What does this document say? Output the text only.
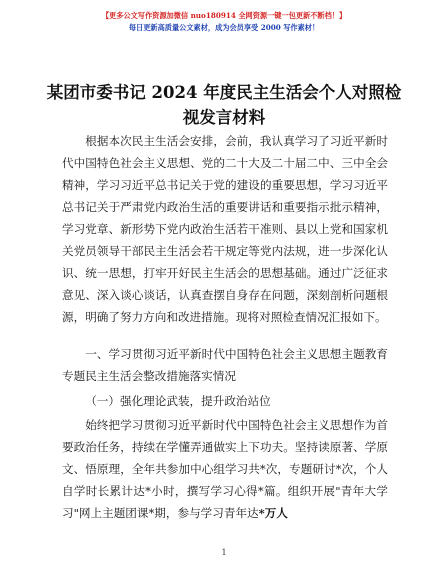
【更多公文写作资源加微信 nuo180914 全网资源一键一包更新不断档！】
每日更新高质量公文素材，成为会员享受 2000 写作素材！
某团市委书记 2024 年度民主生活会个人对照检视发言材料
根据本次民主生活会安排，会前，我认真学习了习近平新时代中国特色社会主义思想、党的二十大及二十届二中、三中全会精神，学习习近平总书记关于党的建设的重要思想，学习习近平总书记关于严肃党内政治生活的重要讲话和重要指示批示精神，学习党章、新形势下党内政治生活若干准则、县以上党和国家机关党员领导干部民主生活会若干规定等党内法规，进一步深化认识、统一思想，打牢开好民主生活会的思想基础。通过广泛征求意见、深入谈心谈话，认真查摆自身存在问题，深刻剖析问题根源，明确了努力方向和改进措施。现将对照检查情况汇报如下。
一、学习贯彻习近平新时代中国特色社会主义思想主题教育专题民主生活会整改措施落实情况
（一）强化理论武装，提升政治站位
始终把学习贯彻习近平新时代中国特色社会主义思想作为首要政治任务，持续在学懂弄通做实上下功夫。坚持读原著、学原文、悟原理，全年共参加中心组学习共*次，专题研讨*次，个人自学时长累计达*小时，撰写学习心得*篇。组织开展"青年大学习"网上主题团课*期，参与学习青年达*万人
1
